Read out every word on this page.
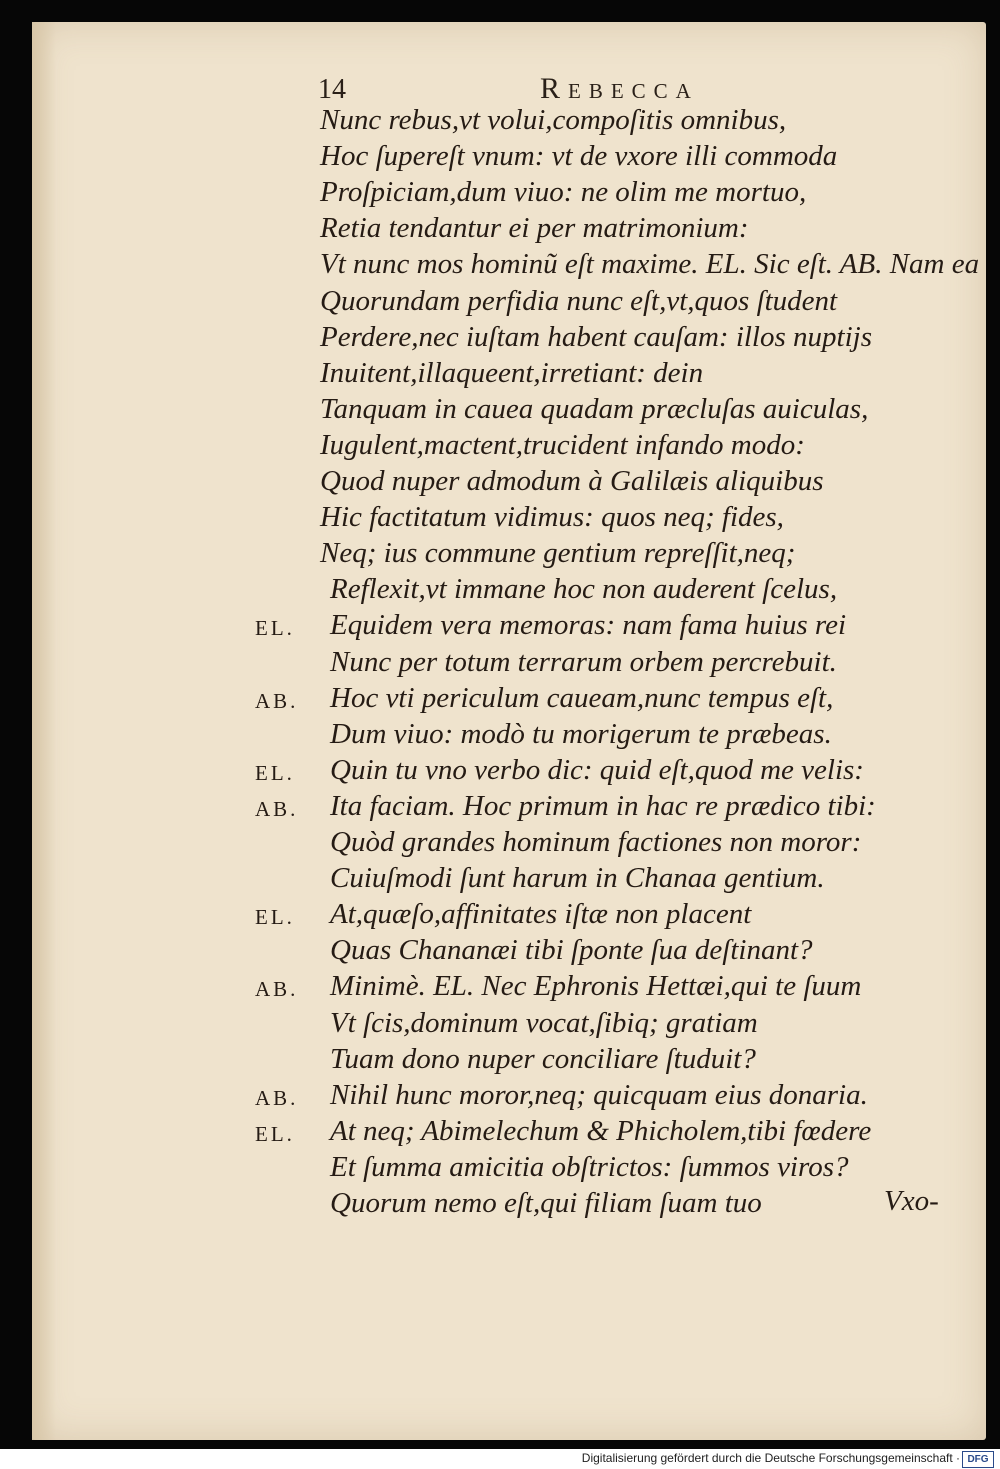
14	Rebecca
Nunc rebus,vt volui,compoſitis omnibus,
Hoc ſupereſt vnum: vt de vxore illi commoda
Proſpiciam,dum viuo: ne olim me mortuo,
Retia tendantur ei per matrimonium:
Vt nunc mos hominũ eſt maxime. EL. Sic eſt. AB. Nam ea
Quorundam perfidia nunc eſt,vt,quos ſtudent
Perdere,nec iuſtam habent cauſam: illos nuptijs
Inuitent,illaqueent,irretiant: dein
Tanquam in cauea quadam præcluſas auiculas,
Iugulent,mactent,trucident infando modo:
Quod nuper admodum à Galilæis aliquibus
Hic factitatum vidimus: quos neq; fides,
Neq; ius commune gentium repreſſit,neq;
Reflexit,vt immane hoc non auderent ſcelus,
EL. Equidem vera memoras: nam fama huius rei
Nunc per totum terrarum orbem percrebuit.
AB. Hoc vti periculum caueam,nunc tempus eſt,
Dum viuo: modò tu morigerum te præbeas.
EL. Quin tu vno verbo dic: quid eſt,quod me velis:
AB. Ita faciam. Hoc primum in hac re prædico tibi:
Quòd grandes hominum factiones non moror:
Cuiuſmodi ſunt harum in Chanaa gentium.
EL. At,quæſo,affinitates iſtæ non placent
Quas Chananæi tibi ſponte ſua deſtinant?
AB. Minimè. EL. Nec Ephronis Hettæi,qui te ſuum
Vt ſcis,dominum vocat,ſibiq; gratiam
Tuam dono nuper conciliare ſtuduit?
AB. Nihil hunc moror,neq; quicquam eius donaria.
EL. At neq; Abimelechum & Phicholem,tibi fœdere
Et ſumma amicitia obſtrictos: ſummos viros?
Quorum nemo eſt,qui filiam ſuam tuo	Vxo-
Digitalisierung gefördert durch die Deutsche Forschungsgemeinschaft · DFG
